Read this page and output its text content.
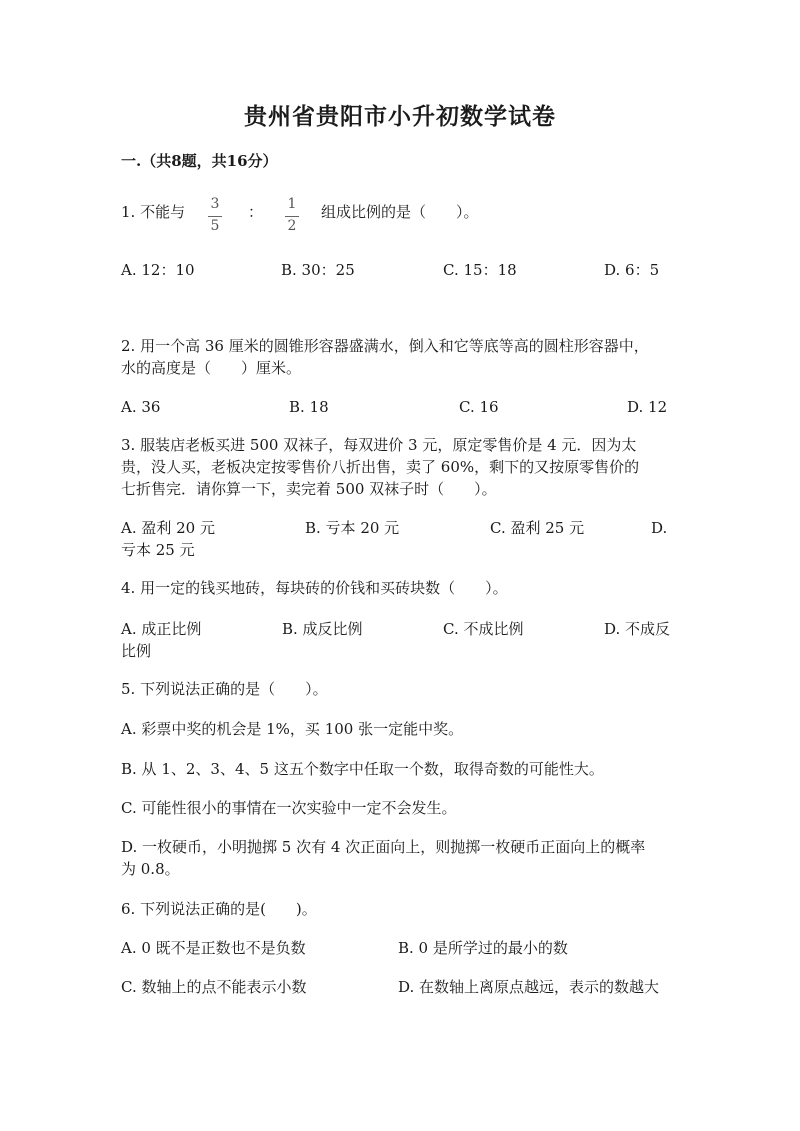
贵州省贵阳市小升初数学试卷
一.（共8题，共16分）
1. 不能与 3
5
： 1
2
组成比例的是（　　）。
A. 12：10	B. 30：25	C. 15：18	D. 6：5
2. 用一个高 36 厘米的圆锥形容器盛满水，倒入和它等底等高的圆柱形容器中，
水的高度是（　　）厘米。
A. 36	B. 18	C. 16	D. 12
3. 服装店老板买进 500 双袜子，每双进价 3 元，原定零售价是 4 元．因为太
贵，没人买，老板决定按零售价八折出售，卖了 60%，剩下的又按原零售价的
七折售完．请你算一下，卖完着 500 双袜子时（　　）。
A. 盈利 20 元	B. 亏本 20 元	C. 盈利 25 元	D.
亏本 25 元
4. 用一定的钱买地砖，每块砖的价钱和买砖块数（　　）。
A. 成正比例	B. 成反比例	C. 不成比例	D. 不成反
比例
5. 下列说法正确的是（　　）。
A. 彩票中奖的机会是 1%，买 100 张一定能中奖。
B. 从 1、2、3、4、5 这五个数字中任取一个数，取得奇数的可能性大。
C. 可能性很小的事情在一次实验中一定不会发生。
D. 一枚硬币，小明抛掷 5 次有 4 次正面向上，则抛掷一枚硬币正面向上的概率
为 0.8。
6. 下列说法正确的是(　　)。
A. 0 既不是正数也不是负数	B. 0 是所学过的最小的数
C. 数轴上的点不能表示小数	D. 在数轴上离原点越远，表示的数越大
